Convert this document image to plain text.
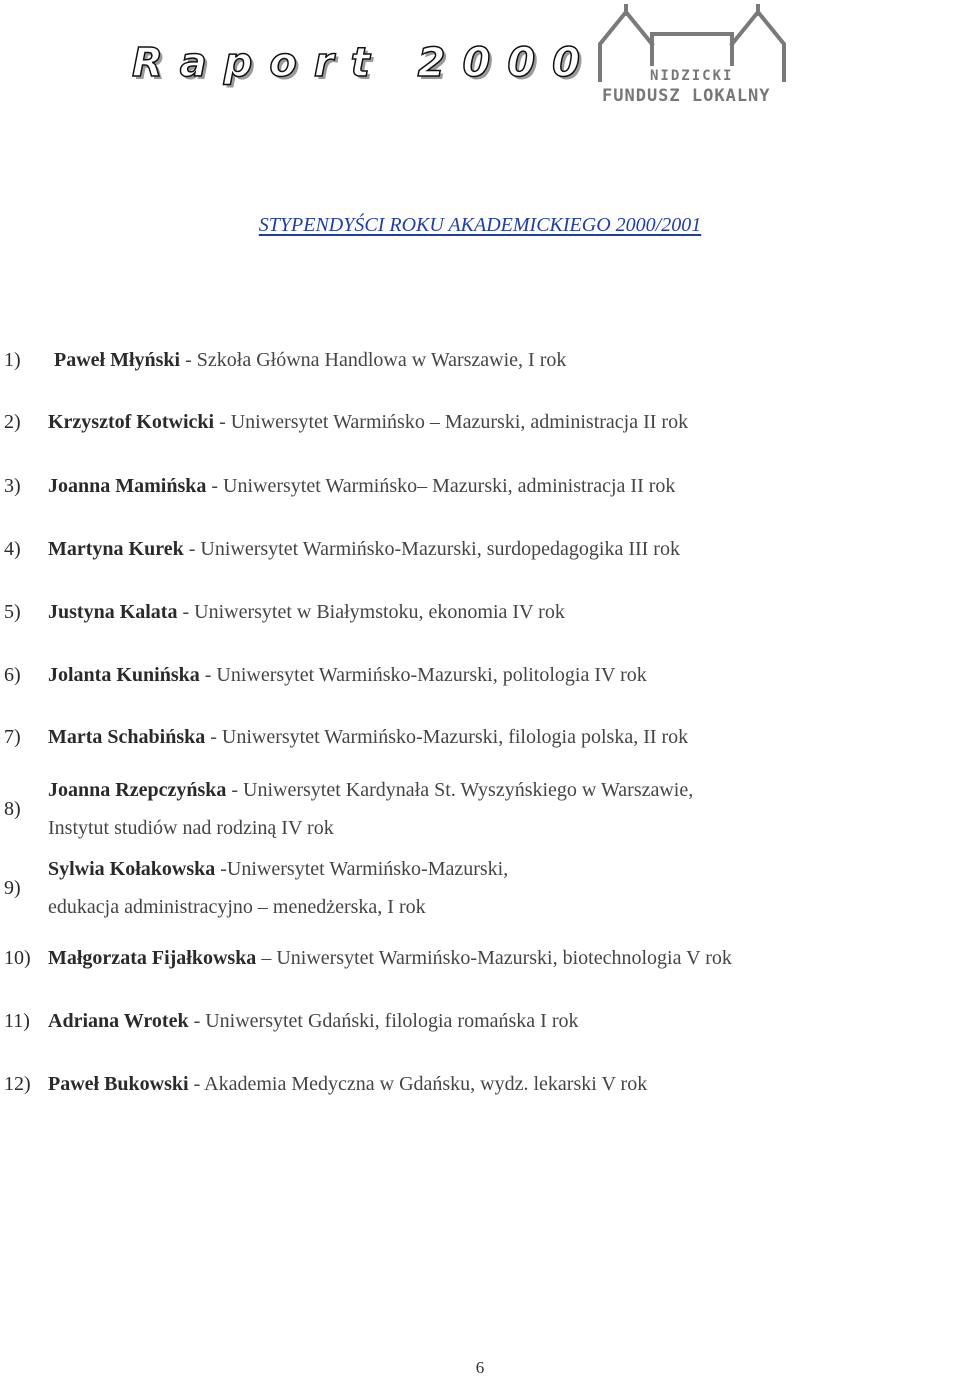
Raport 2000	NIDZICKI
FUNDUSZ LOKALNY
STYPENDYŚCI ROKU AKADEMICKIEGO 2000/2001
1) Paweł Młyński - Szkoła Główna Handlowa w Warszawie, I rok
2) Krzysztof Kotwicki - Uniwersytet Warmińsko – Mazurski, administracja II rok
3) Joanna Mamińska - Uniwersytet Warmińsko– Mazurski, administracja II rok
4) Martyna Kurek - Uniwersytet Warmińsko-Mazurski, surdopedagogika III rok
5) Justyna Kalata - Uniwersytet w Białymstoku, ekonomia IV rok
6) Jolanta Kunińska - Uniwersytet Warmińsko-Mazurski, politologia IV rok
7) Marta Schabińska - Uniwersytet Warmińsko-Mazurski, filologia polska, II rok
8)
Joanna Rzepczyńska - Uniwersytet Kardynała St. Wyszyńskiego w Warszawie,
Instytut studiów nad rodziną IV rok
9)
Sylwia Kołakowska -Uniwersytet Warmińsko-Mazurski,
edukacja administracyjno – menedżerska, I rok
10) Małgorzata Fijałkowska – Uniwersytet Warmińsko-Mazurski, biotechnologia V rok
11) Adriana Wrotek - Uniwersytet Gdański, filologia romańska I rok
12) Paweł Bukowski - Akademia Medyczna w Gdańsku, wydz. lekarski V rok
6
